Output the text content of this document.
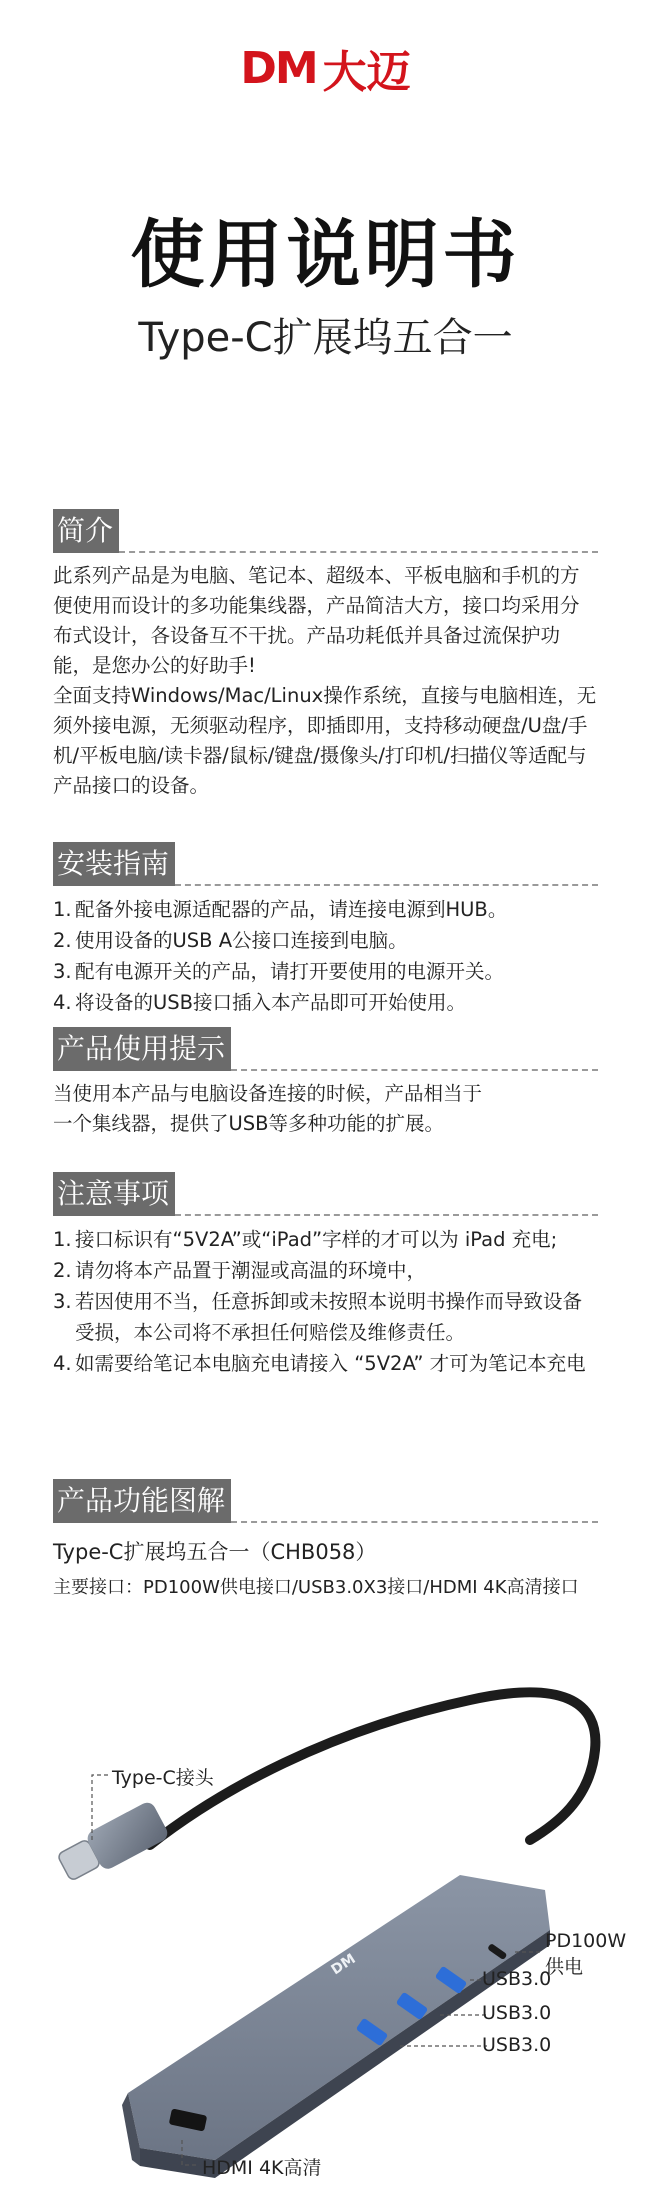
DM 大迈
使用说明书
Type-C扩展坞五合一
简介

此系列产品是为电脑、笔记本、超级本、平板电脑和手机的方便使用而设计的多功能集线器，产品简洁大方，接口均采用分布式设计，各设备互不干扰。产品功耗低并具备过流保护功能，是您办公的好助手!

全面支持Windows/Mac/Linux操作系统，直接与电脑相连，无须外接电源，无须驱动程序，即插即用，支持移动硬盘/U盘/手机/平板电脑/读卡器/鼠标/键盘/摄像头/打印机/扫描仪等适配与产品接口的设备。

安装指南
1. 配备外接电源适配器的产品，请连接电源到HUB。
2. 使用设备的USB A公接口连接到电脑。
3. 配有电源开关的产品，请打开要使用的电源开关。
4. 将设备的USB接口插入本产品即可开始使用。
产品使用提示

当使用本产品与电脑设备连接的时候，产品相当于

一个集线器，提供了USB等多种功能的扩展。

注意事项
1. 接口标识有“5V2A”或“iPad”字样的才可以为 iPad 充电;
2. 请勿将本产品置于潮湿或高温的环境中，
3. 若因使用不当，任意拆卸或未按照本说明书操作而导致设备受损，本公司将不承担任何赔偿及维修责任。
4. 如需要给笔记本电脑充电请接入 “5V2A” 才可为笔记本充电
产品功能图解
Type-C扩展坞五合一（CHB058）
主要接口：PD100W供电接口/USB3.0X3接口/HDMI 4K高清接口
DM
Type-C接头
PD100W
供电
USB3.0
USB3.0
USB3.0
HDMI 4K高清
